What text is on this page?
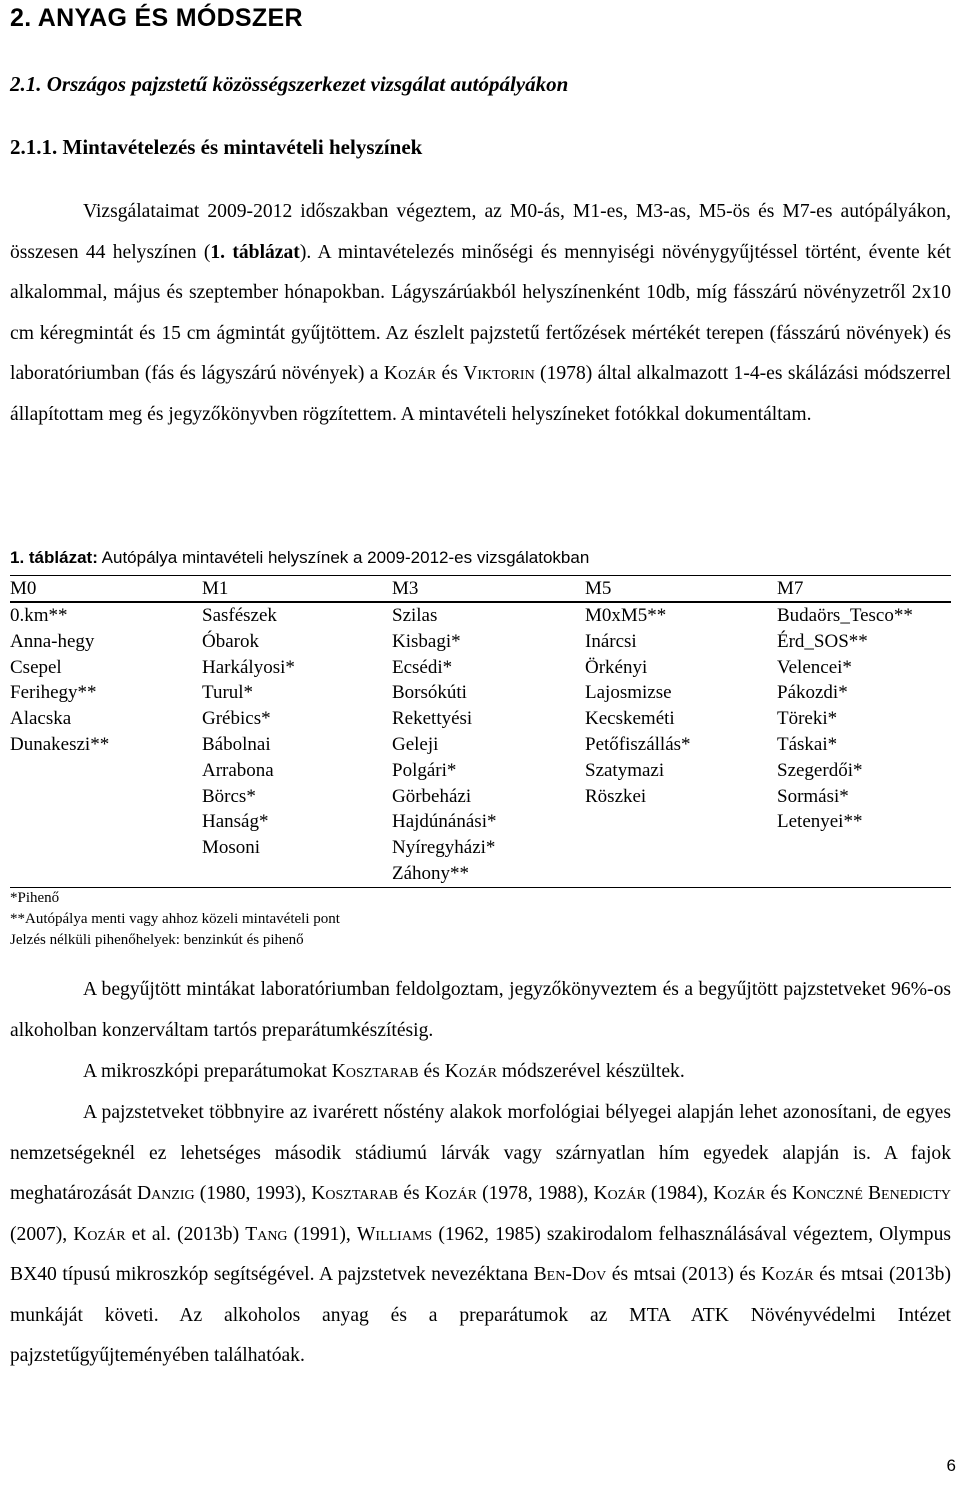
2. ANYAG ÉS MÓDSZER
2.1. Országos pajzstetű közösségszerkezet vizsgálat autópályákon
2.1.1. Mintavételezés és mintavételi helyszínek

Vizsgálataimat 2009-2012 időszakban végeztem, az M0-ás, M1-es, M3-as, M5-ös és M7-es autópályákon, összesen 44 helyszínen (1. táblázat). A mintavételezés minőségi és mennyiségi növénygyűjtéssel történt, évente két alkalommal, május és szeptember hónapokban. Lágyszárúakból helyszínenként 10db, míg fásszárú növényzetről 2x10 cm kéregmintát és 15 cm ágmintát gyűjtöttem. Az észlelt pajzstetű fertőzések mértékét terepen (fásszárú növények) és laboratóriumban (fás és lágyszárú növények) a Kozár és Viktorin (1978) által alkalmazott 1-4-es skálázási módszerrel állapítottam meg és jegyzőkönyvben rögzítettem. A mintavételi helyszíneket fotókkal dokumentáltam.

1. táblázat: Autópálya mintavételi helyszínek a 2009-2012-es vizsgálatokban
M0	M1	M3	M5	M7
0.km**	Sasfészek	Szilas	M0xM5**	Budaörs_Tesco**
Anna-hegy	Óbarok	Kisbagi*	Inárcsi	Érd_SOS**
Csepel	Harkályosi*	Ecsédi*	Örkényi	Velencei*
Ferihegy**	Turul*	Borsókúti	Lajosmizse	Pákozdi*
Alacska	Grébics*	Rekettyési	Kecskeméti	Töreki*
Dunakeszi**	Bábolnai	Geleji	Petőfiszállás*	Táskai*
	Arrabona	Polgári*	Szatymazi	Szegerdői*
	Börcs*	Görbeházi	Röszkei	Sormási*
	Hanság*	Hajdúnánási*		Letenyei**
	Mosoni	Nyíregyházi*		
		Záhony**		
*Pihenő
**Autópálya menti vagy ahhoz közeli mintavételi pont
Jelzés nélküli pihenőhelyek: benzinkút és pihenő

A begyűjtött mintákat laboratóriumban feldolgoztam, jegyzőkönyveztem és a begyűjtött pajzstetveket 96%-os alkoholban konzerváltam tartós preparátumkészítésig.

A mikroszkópi preparátumokat Kosztarab és Kozár módszerével készültek.

A pajzstetveket többnyire az ivarérett nőstény alakok morfológiai bélyegei alapján lehet azonosítani, de egyes nemzetségeknél ez lehetséges második stádiumú lárvák vagy szárnyatlan hím egyedek alapján is. A fajok meghatározását Danzig (1980, 1993), Kosztarab és Kozár (1978, 1988), Kozár (1984), Kozár és Konczné Benedicty (2007), Kozár et al. (2013b) Tang (1991), Williams (1962, 1985) szakirodalom felhasználásával végeztem, Olympus BX40 típusú mikroszkóp segítségével. A pajzstetvek nevezéktana Ben-Dov és mtsai (2013) és Kozár és mtsai (2013b) munkáját követi. Az alkoholos anyag és a preparátumok az MTA ATK Növényvédelmi Intézet pajzstetűgyűjteményében találhatóak.

6
